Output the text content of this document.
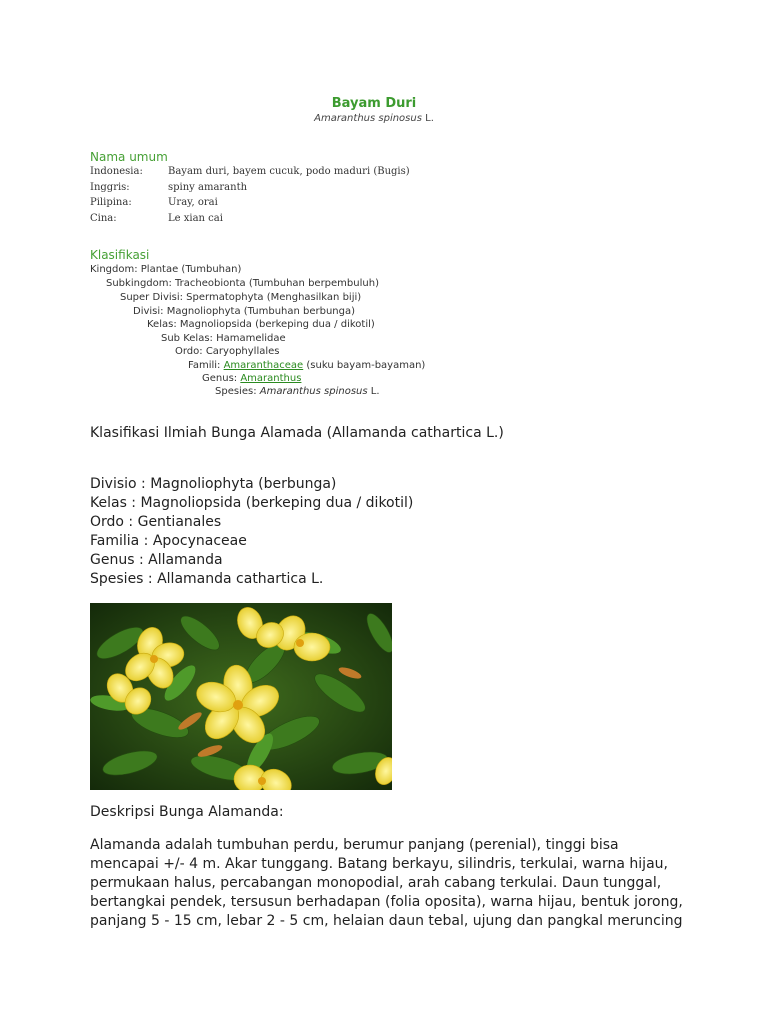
Bayam Duri
Amaranthus spinosus L.
Nama umum
Indonesia:	Bayam duri, bayem cucuk, podo maduri (Bugis)
Inggris:	spiny amaranth
Pilipina:	Uray, orai
Cina:	Le xian cai
Klasifikasi
Kingdom: Plantae (Tumbuhan)
Subkingdom: Tracheobionta (Tumbuhan berpembuluh)
Super Divisi: Spermatophyta (Menghasilkan biji)
Divisi: Magnoliophyta (Tumbuhan berbunga)
Kelas: Magnoliopsida (berkeping dua / dikotil)
Sub Kelas: Hamamelidae
Ordo: Caryophyllales
Famili: Amaranthaceae (suku bayam-bayaman)
Genus: Amaranthus
Spesies: Amaranthus spinosus L.
Klasifikasi Ilmiah Bunga Alamada (Allamanda cathartica L.)
Divisio : Magnoliophyta (berbunga)
Kelas : Magnoliopsida (berkeping dua / dikotil)
Ordo : Gentianales
Familia : Apocynaceae
Genus : Allamanda
Spesies : Allamanda cathartica L.
Deskripsi Bunga Alamanda:
Alamanda adalah tumbuhan perdu, berumur panjang (perenial), tinggi bisa
mencapai +/- 4 m. Akar tunggang. Batang berkayu, silindris, terkulai, warna hijau,
permukaan halus, percabangan monopodial, arah cabang terkulai. Daun tunggal,
bertangkai pendek, tersusun berhadapan (folia oposita), warna hijau, bentuk jorong,
panjang 5 - 15 cm, lebar 2 - 5 cm, helaian daun tebal, ujung dan pangkal meruncing
